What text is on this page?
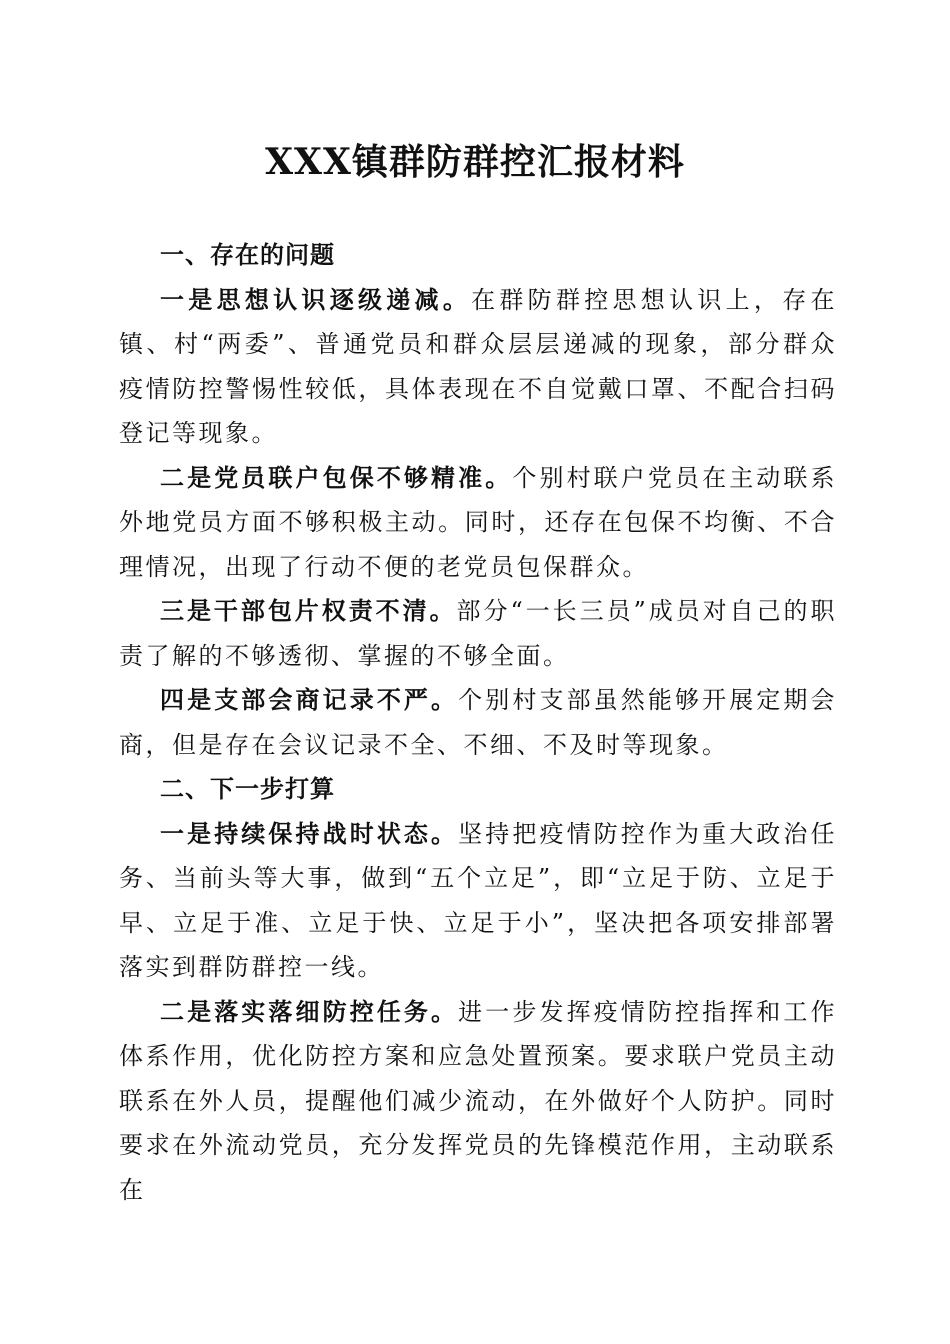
XXX镇群防群控汇报材料
一、存在的问题

一是思想认识逐级递减。在群防群控思想认识上，存在镇、村“两委”、普通党员和群众层层递减的现象，部分群众疫情防控警惕性较低，具体表现在不自觉戴口罩、不配合扫码登记等现象。

二是党员联户包保不够精准。个别村联户党员在主动联系外地党员方面不够积极主动。同时，还存在包保不均衡、不合理情况，出现了行动不便的老党员包保群众。

三是干部包片权责不清。部分“一长三员”成员对自己的职责了解的不够透彻、掌握的不够全面。

四是支部会商记录不严。个别村支部虽然能够开展定期会商，但是存在会议记录不全、不细、不及时等现象。

二、下一步打算

一是持续保持战时状态。坚持把疫情防控作为重大政治任务、当前头等大事，做到“五个立足”，即“立足于防、立足于早、立足于准、立足于快、立足于小”，坚决把各项安排部署落实到群防群控一线。

二是落实落细防控任务。进一步发挥疫情防控指挥和工作体系作用，优化防控方案和应急处置预案。要求联户党员主动联系在外人员，提醒他们减少流动，在外做好个人防护。同时要求在外流动党员，充分发挥党员的先锋模范作用，主动联系在
